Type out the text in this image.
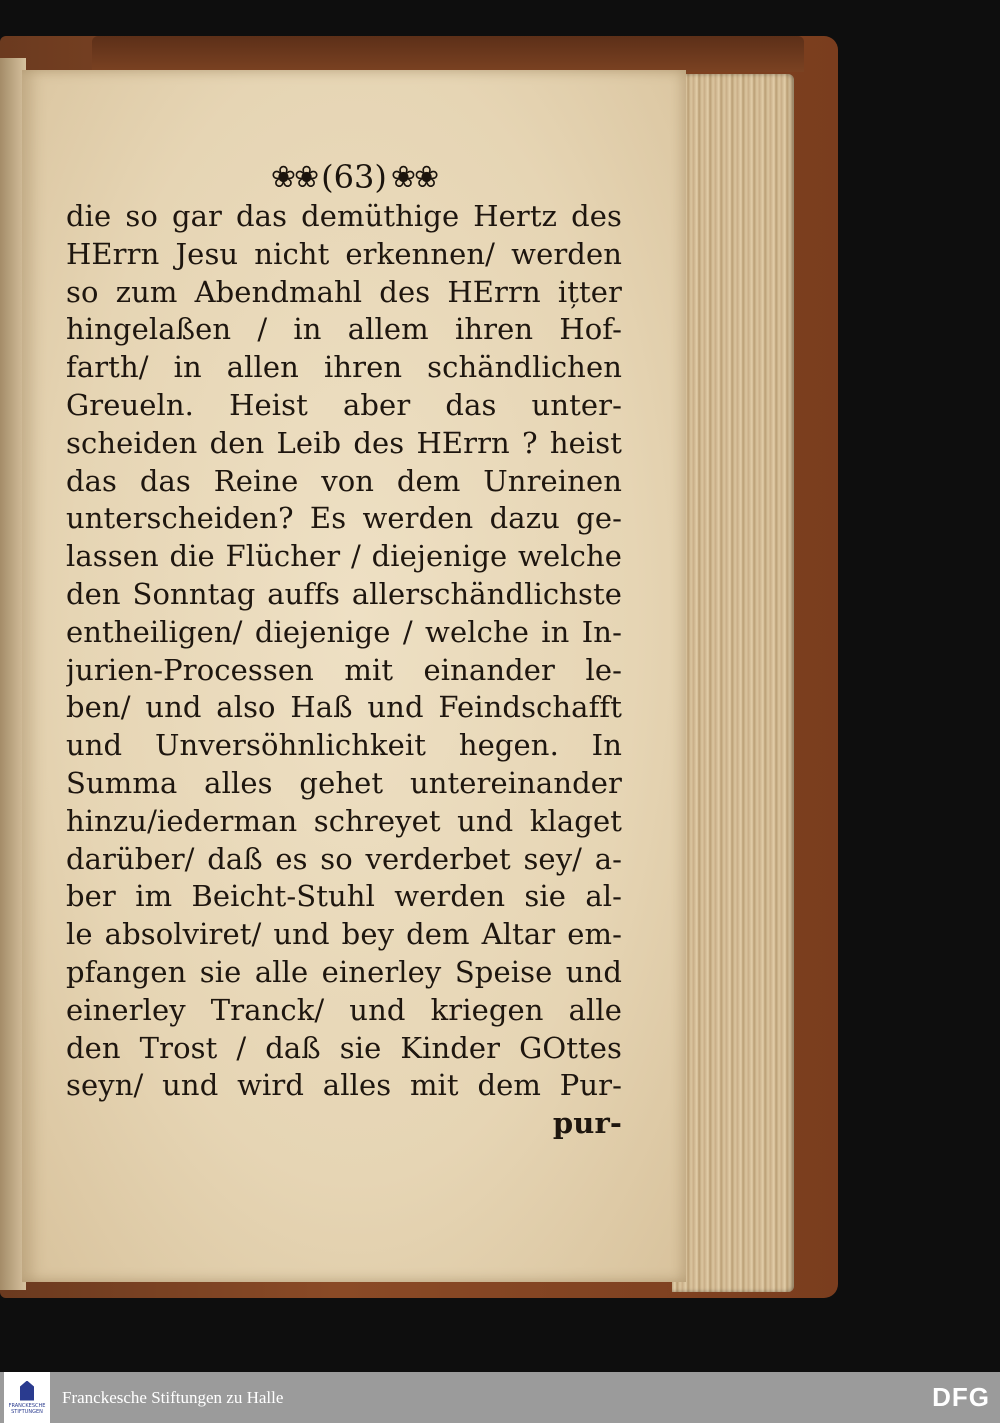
❀❀ (63) ❀❀
die so gar das demüthige Hertz des
HErrn Jesu nicht erkennen/ werden
so zum Abendmahl des HErrn ițter
hingelaßen / in allem ihren Hof-
farth/ in allen ihren schändlichen
Greueln. Heist aber das unter-
scheiden den Leib des HErrn ? heist
das das Reine von dem Unreinen
unterscheiden? Es werden dazu ge-
lassen die Flücher / diejenige welche
den Sonntag auffs allerschändlichste
entheiligen/ diejenige / welche in In-
jurien-Processen mit einander le-
ben/ und also Haß und Feindschafft
und Unversöhnlichkeit hegen. In
Summa alles gehet untereinander
hinzu/iederman schreyet und klaget
darüber/ daß es so verderbet sey/ a-
ber im Beicht-Stuhl werden sie al-
le absolviret/ und bey dem Altar em-
pfangen sie alle einerley Speise und
einerley Tranck/ und kriegen alle
den Trost / daß sie Kinder GOttes
seyn/ und wird alles mit dem Pur-
pur-
FRANCKESCHE
STIFTUNGEN
Franckesche Stiftungen zu Halle	DFG
